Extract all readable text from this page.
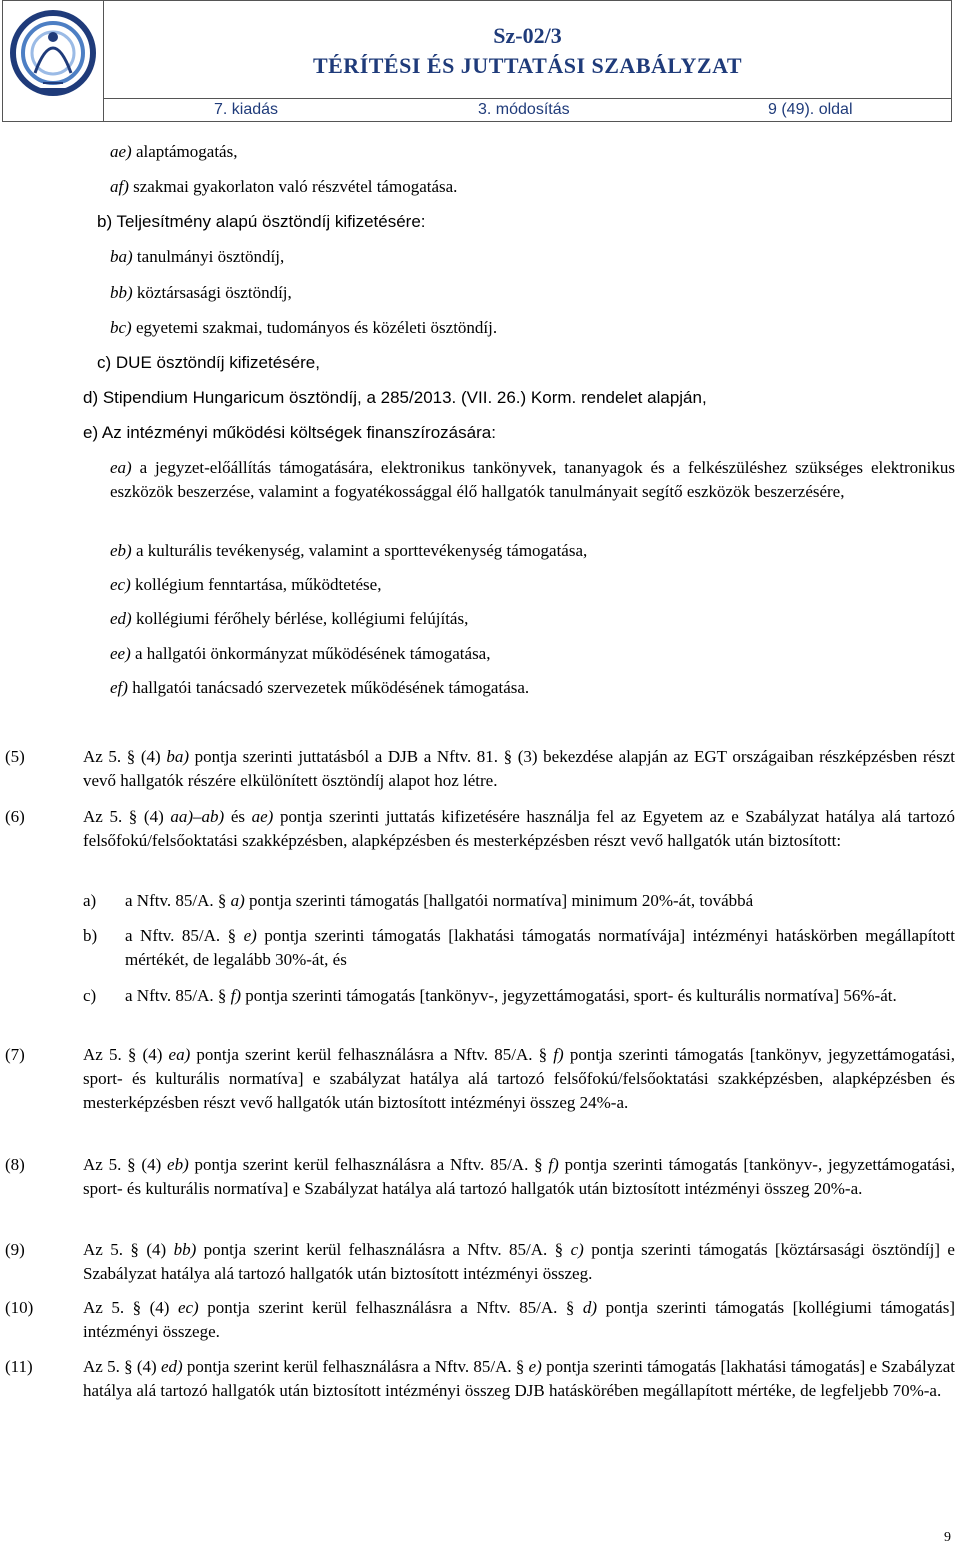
Sz-02/3
TÉRÍTÉSI ÉS JUTTATÁSI SZABÁLYZAT
7. kiadás	3. módosítás	9 (49). oldal
ae) alaptámogatás,
af) szakmai gyakorlaton való részvétel támogatása.
b) Teljesítmény alapú ösztöndíj kifizetésére:
ba) tanulmányi ösztöndíj,
bb) köztársasági ösztöndíj,
bc) egyetemi szakmai, tudományos és közéleti ösztöndíj.
c) DUE ösztöndíj kifizetésére,
d) Stipendium Hungaricum ösztöndíj, a 285/2013. (VII. 26.) Korm. rendelet alapján,
e) Az intézményi működési költségek finanszírozására:
ea) a jegyzet-előállítás támogatására, elektronikus tankönyvek, tananyagok és a felkészüléshez szükséges elektronikus eszközök beszerzése, valamint a fogyatékossággal élő hallgatók tanulmányait segítő eszközök beszerzésére,
eb) a kulturális tevékenység, valamint a sporttevékenység támogatása,
ec) kollégium fenntartása, működtetése,
ed) kollégiumi férőhely bérlése, kollégiumi felújítás,
ee) a hallgatói önkormányzat működésének támogatása,
ef) hallgatói tanácsadó szervezetek működésének támogatása.
(5)	Az 5. § (4) ba) pontja szerinti juttatásból a DJB a Nftv. 81. § (3) bekezdése alapján az EGT országaiban részképzésben részt vevő hallgatók részére elkülönített ösztöndíj alapot hoz létre.
(6)	Az 5. § (4) aa)–ab) és ae) pontja szerinti juttatás kifizetésére használja fel az Egyetem az e Szabályzat hatálya alá tartozó felsőfokú/felsőoktatási szakképzésben, alapképzésben és mesterképzésben részt vevő hallgatók után biztosított:
a) a Nftv. 85/A. § a) pontja szerinti támogatás [hallgatói normatíva] minimum 20%-át, továbbá
b) a Nftv. 85/A. § e) pontja szerinti támogatás [lakhatási támogatás normatívája] intézményi hatáskörben megállapított mértékét, de legalább 30%-át, és
c) a Nftv. 85/A. § f) pontja szerinti támogatás [tankönyv-, jegyzettámogatási, sport- és kulturális normatíva] 56%-át.
(7)	Az 5. § (4) ea) pontja szerint kerül felhasználásra a Nftv. 85/A. § f) pontja szerinti támogatás [tankönyv, jegyzettámogatási, sport- és kulturális normatíva] e szabályzat hatálya alá tartozó felsőfokú/felsőoktatási szakképzésben, alapképzésben és mesterképzésben részt vevő hallgatók után biztosított intézményi összeg 24%-a.
(8)	Az 5. § (4) eb) pontja szerint kerül felhasználásra a Nftv. 85/A. § f) pontja szerinti támogatás [tankönyv-, jegyzettámogatási, sport- és kulturális normatíva] e Szabályzat hatálya alá tartozó hallgatók után biztosított intézményi összeg 20%-a.
(9)	Az 5. § (4) bb) pontja szerint kerül felhasználásra a Nftv. 85/A. § c) pontja szerinti támogatás [köztársasági ösztöndíj] e Szabályzat hatálya alá tartozó hallgatók után biztosított intézményi összeg.
(10)	Az 5. § (4) ec) pontja szerint kerül felhasználásra a Nftv. 85/A. § d) pontja szerinti támogatás [kollégiumi támogatás] intézményi összege.
(11)	Az 5. § (4) ed) pontja szerint kerül felhasználásra a Nftv. 85/A. § e) pontja szerinti támogatás [lakhatási támogatás] e Szabályzat hatálya alá tartozó hallgatók után biztosított intézményi összeg DJB hatáskörében megállapított mértéke, de legfeljebb 70%-a.
9
